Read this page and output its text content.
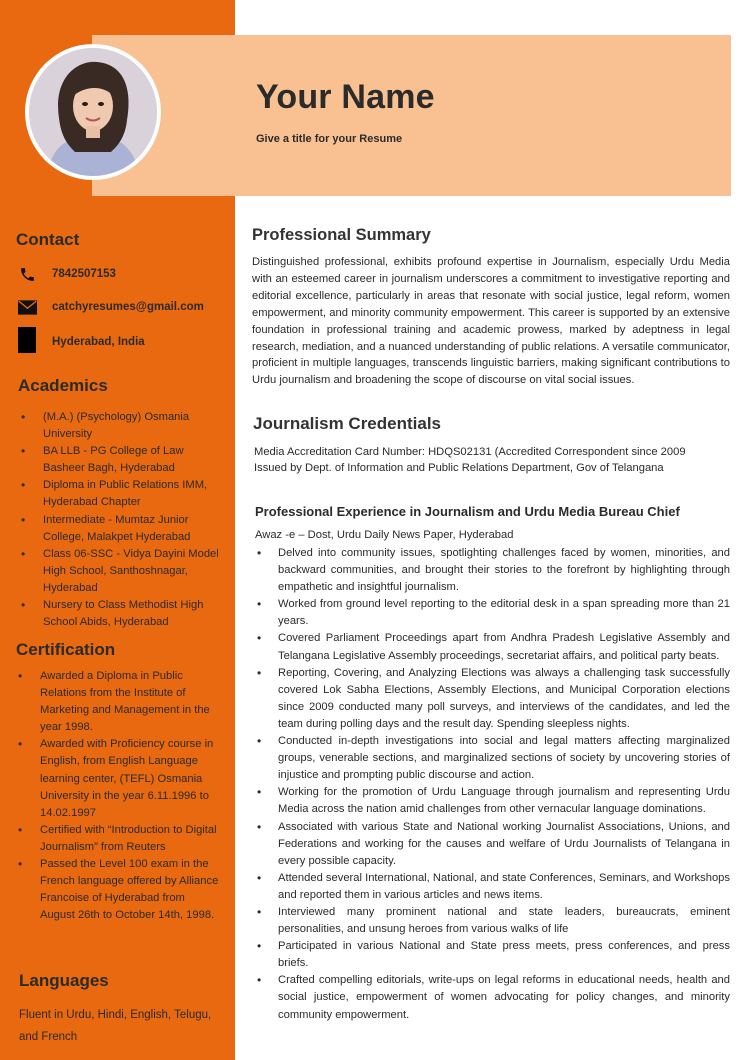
Your Name
Give a title for your Resume
Contact
7842507153
catchyresumes@gmail.com
Hyderabad, India
Academics
• (M.A.) (Psychology) Osmania University
• BA LLB - PG College of Law Basheer Bagh, Hyderabad
• Diploma in Public Relations IMM, Hyderabad Chapter
• Intermediate - Mumtaz Junior College, Malakpet Hyderabad
• Class 06-SSC - Vidya Dayini Model High School, Santhoshnagar, Hyderabad
• Nursery to Class Methodist High School Abids, Hyderabad
Certification
• Awarded a Diploma in Public Relations from the Institute of Marketing and Management in the year 1998.
• Awarded with Proficiency course in English, from English Language learning center, (TEFL) Osmania University in the year 6.11.1996 to 14.02.1997
• Certified with “Introduction to Digital Journalism” from Reuters
• Passed the Level 100 exam in the French language offered by Alliance Francoise of Hyderabad from August 26th to October 14th, 1998.
Languages
Fluent in Urdu, Hindi, English, Telugu, and French
Professional Summary
Distinguished professional, exhibits profound expertise in Journalism, especially Urdu Media with an esteemed career in journalism underscores a commitment to investigative reporting and editorial excellence, particularly in areas that resonate with social justice, legal reform, women empowerment, and minority community empowerment. This career is supported by an extensive foundation in professional training and academic prowess, marked by adeptness in legal research, mediation, and a nuanced understanding of public relations. A versatile communicator, proficient in multiple languages, transcends linguistic barriers, making significant contributions to Urdu journalism and broadening the scope of discourse on vital social issues.
Journalism Credentials
Media Accreditation Card Number: HDQS02131 (Accredited Correspondent since 2009
Issued by Dept. of Information and Public Relations Department, Gov of Telangana
Professional Experience in Journalism and Urdu Media Bureau Chief
Awaz -e – Dost, Urdu Daily News Paper, Hyderabad
• Delved into community issues, spotlighting challenges faced by women, minorities, and backward communities, and brought their stories to the forefront by highlighting through empathetic and insightful journalism.
• Worked from ground level reporting to the editorial desk in a span spreading more than 21 years.
• Covered Parliament Proceedings apart from Andhra Pradesh Legislative Assembly and Telangana Legislative Assembly proceedings, secretariat affairs, and political party beats.
• Reporting, Covering, and Analyzing Elections was always a challenging task successfully covered Lok Sabha Elections, Assembly Elections, and Municipal Corporation elections since 2009 conducted many poll surveys, and interviews of the candidates, and led the team during polling days and the result day. Spending sleepless nights.
• Conducted in-depth investigations into social and legal matters affecting marginalized groups, venerable sections, and marginalized sections of society by uncovering stories of injustice and prompting public discourse and action.
• Working for the promotion of Urdu Language through journalism and representing Urdu Media across the nation amid challenges from other vernacular language dominations.
• Associated with various State and National working Journalist Associations, Unions, and Federations and working for the causes and welfare of Urdu Journalists of Telangana in every possible capacity.
• Attended several International, National, and state Conferences, Seminars, and Workshops and reported them in various articles and news items.
• Interviewed many prominent national and state leaders, bureaucrats, eminent personalities, and unsung heroes from various walks of life
• Participated in various National and State press meets, press conferences, and press briefs.
• Crafted compelling editorials, write-ups on legal reforms in educational needs, health and social justice, empowerment of women advocating for policy changes, and minority community empowerment.
